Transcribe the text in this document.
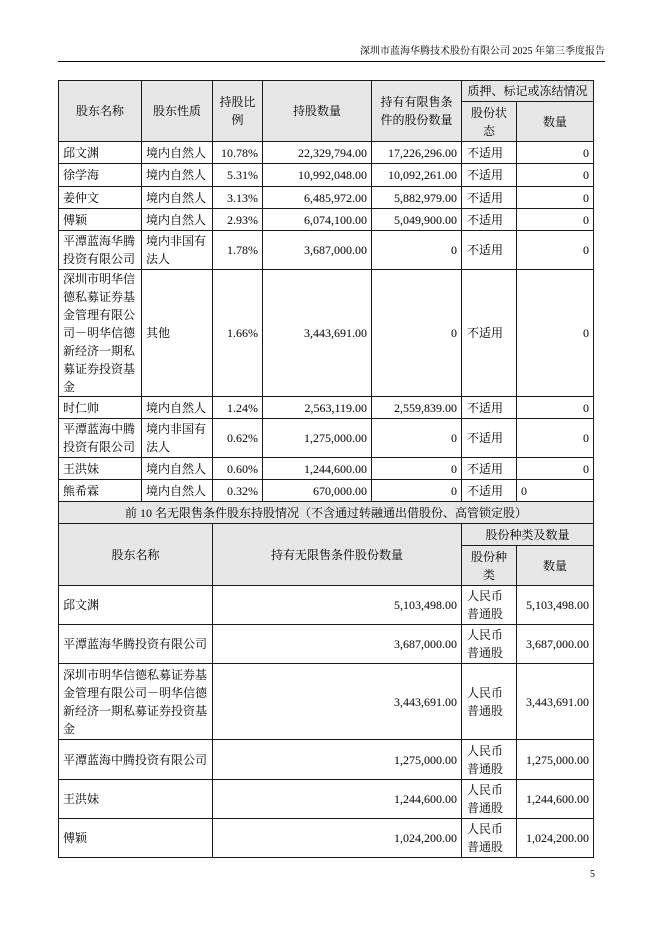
深圳市蓝海华腾技术股份有限公司 2025 年第三季度报告
股东名称	股东性质	持股比例	持股数量	持有有限售条件的股份数量	质押、标记或冻结情况	
					股份状态	数量
邱文渊	境内自然人	10.78%	22,329,794.00	17,226,296.00	不适用	0
徐学海	境内自然人	5.31%	10,992,048.00	10,092,261.00	不适用	0
姜仲文	境内自然人	3.13%	6,485,972.00	5,882,979.00	不适用	0
傅颖	境内自然人	2.93%	6,074,100.00	5,049,900.00	不适用	0
平潭蓝海华腾投资有限公司	境内非国有法人	1.78%	3,687,000.00	0	不适用	0
深圳市明华信德私募证券基金管理有限公司－明华信德新经济一期私募证券投资基金	其他	1.66%	3,443,691.00	0	不适用	0
时仁帅	境内自然人	1.24%	2,563,119.00	2,559,839.00	不适用	0
平潭蓝海中腾投资有限公司	境内非国有法人	0.62%	1,275,000.00	0	不适用	0
王洪妹	境内自然人	0.60%	1,244,600.00	0	不适用	0
熊希霖	境内自然人	0.32%	670,000.00	0	不适用	0
前 10 名无限售条件股东持股情况（不含通过转融通出借股份、高管锁定股）						
股东名称		持有无限售条件股份数量			股份种类及数量	
					股份种类	数量
邱文渊		5,103,498.00			人民币普通股	5,103,498.00
平潭蓝海华腾投资有限公司		3,687,000.00			人民币普通股	3,687,000.00
深圳市明华信德私募证券基金管理有限公司－明华信德新经济一期私募证券投资基金		3,443,691.00			人民币普通股	3,443,691.00
平潭蓝海中腾投资有限公司		1,275,000.00			人民币普通股	1,275,000.00
王洪妹		1,244,600.00			人民币普通股	1,244,600.00
傅颖		1,024,200.00			人民币普通股	1,024,200.00
5
